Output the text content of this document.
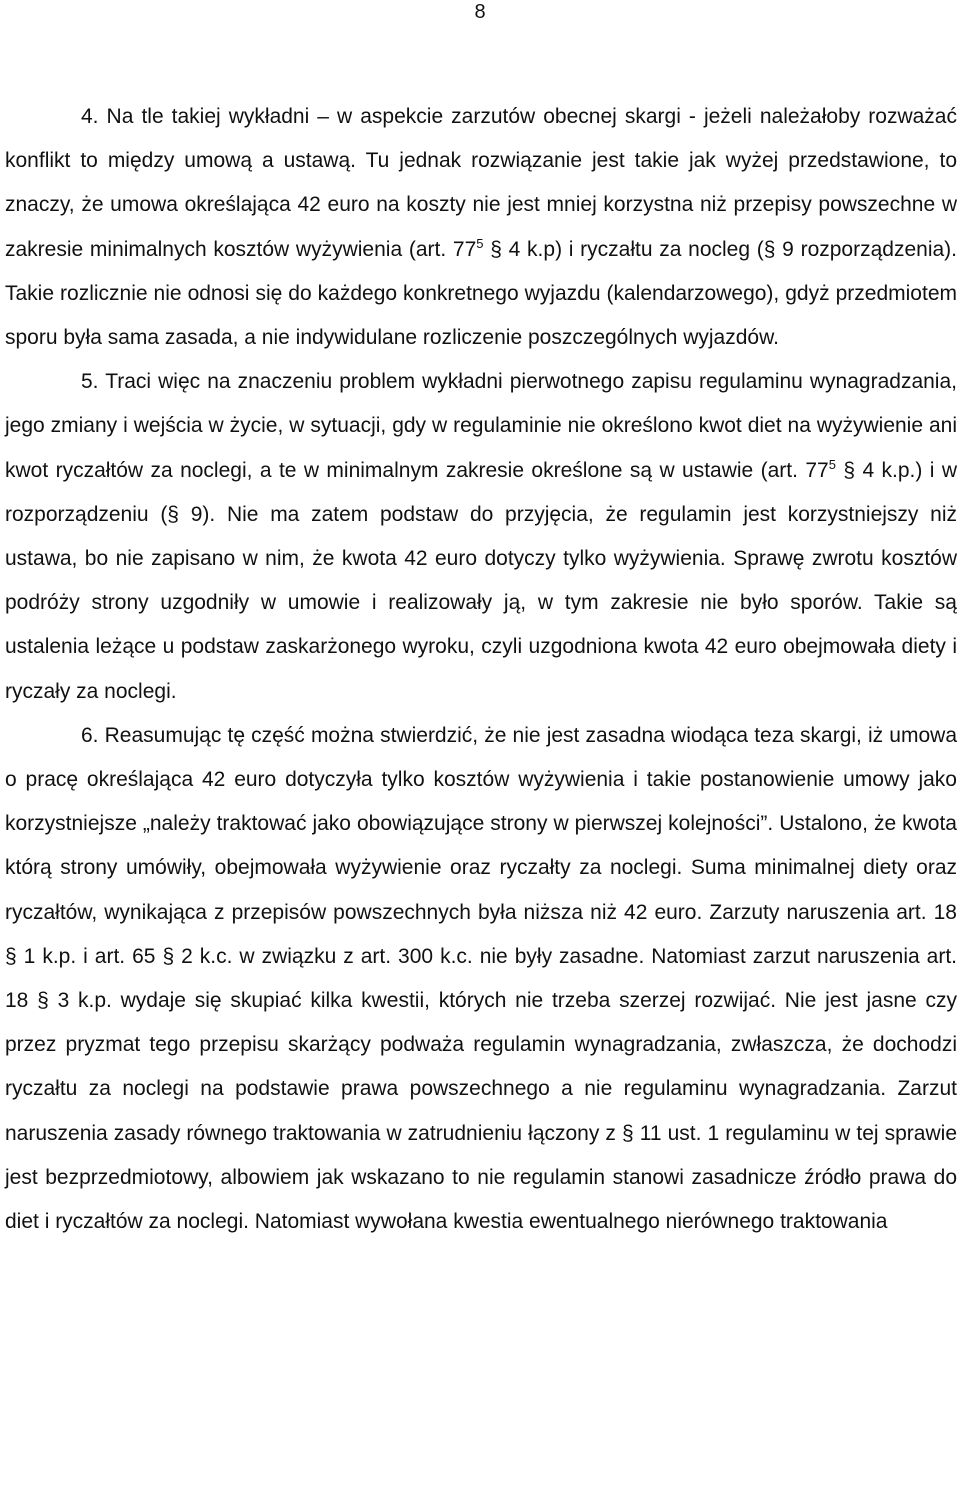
8

4. Na tle takiej wykładni – w aspekcie zarzutów obecnej skargi - jeżeli należałoby rozważać konflikt to między umową a ustawą. Tu jednak rozwiązanie jest takie jak wyżej przedstawione, to znaczy, że umowa określająca 42 euro na koszty nie jest mniej korzystna niż przepisy powszechne w zakresie minimalnych kosztów wyżywienia (art. $77^5$ § 4 k.p) i ryczałtu za nocleg (§ 9 rozporządzenia). Takie rozlicznie nie odnosi się do każdego konkretnego wyjazdu (kalendarzowego), gdyż przedmiotem sporu była sama zasada, a nie indywidulane rozliczenie poszczególnych wyjazdów.

5. Traci więc na znaczeniu problem wykładni pierwotnego zapisu regulaminu wynagradzania, jego zmiany i wejścia w życie, w sytuacji, gdy w regulaminie nie określono kwot diet na wyżywienie ani kwot ryczałtów za noclegi, a te w minimalnym zakresie określone są w ustawie (art. $77^5$ § 4 k.p.) i w rozporządzeniu (§ 9). Nie ma zatem podstaw do przyjęcia, że regulamin jest korzystniejszy niż ustawa, bo nie zapisano w nim, że kwota 42 euro dotyczy tylko wyżywienia. Sprawę zwrotu kosztów podróży strony uzgodniły w umowie i realizowały ją, w tym zakresie nie było sporów. Takie są ustalenia leżące u podstaw zaskarżonego wyroku, czyli uzgodniona kwota 42 euro obejmowała diety i ryczały za noclegi.

6. Reasumując tę część można stwierdzić, że nie jest zasadna wiodąca teza skargi, iż umowa o pracę określająca 42 euro dotyczyła tylko kosztów wyżywienia i takie postanowienie umowy jako korzystniejsze „należy traktować jako obowiązujące strony w pierwszej kolejności”. Ustalono, że kwota którą strony umówiły, obejmowała wyżywienie oraz ryczałty za noclegi. Suma minimalnej diety oraz ryczałtów, wynikająca z przepisów powszechnych była niższa niż 42 euro. Zarzuty naruszenia art. 18 § 1 k.p. i art. 65 § 2 k.c. w związku z art. 300 k.c. nie były zasadne. Natomiast zarzut naruszenia art. 18 § 3 k.p. wydaje się skupiać kilka kwestii, których nie trzeba szerzej rozwijać. Nie jest jasne czy przez pryzmat tego przepisu skarżący podważa regulamin wynagradzania, zwłaszcza, że dochodzi ryczałtu za noclegi na podstawie prawa powszechnego a nie regulaminu wynagradzania. Zarzut naruszenia zasady równego traktowania w zatrudnieniu łączony z § 11 ust. 1 regulaminu w tej sprawie jest bezprzedmiotowy, albowiem jak wskazano to nie regulamin stanowi zasadnicze źródło prawa do diet i ryczałtów za noclegi. Natomiast wywołana kwestia ewentualnego nierównego traktowania
